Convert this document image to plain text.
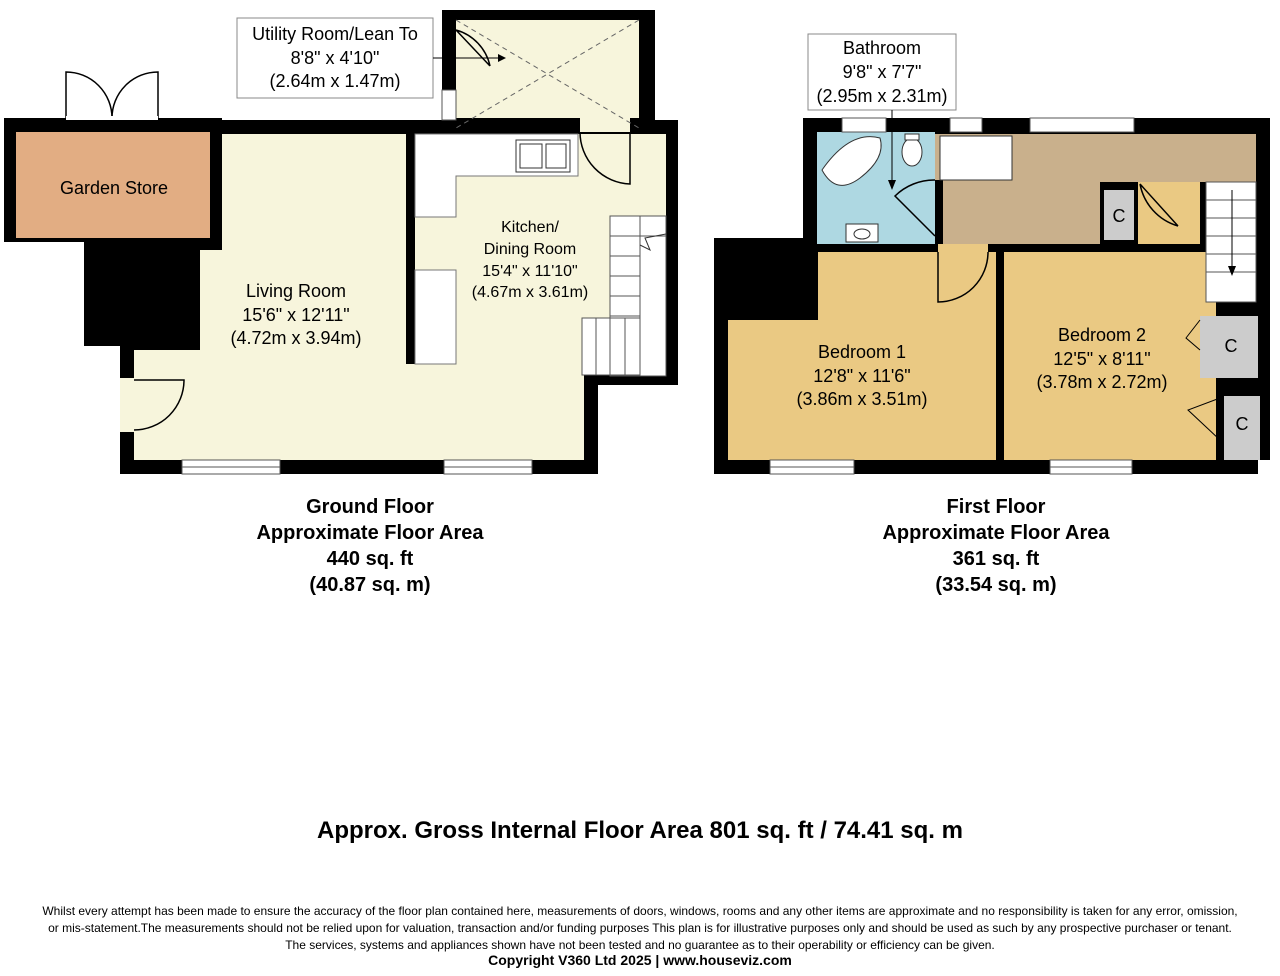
Garden Store
Living Room
15'6" x 12'11"
(4.72m x 3.94m)
Kitchen/
Dining Room
15'4" x 11'10"
(4.67m x 3.61m)
Utility Room/Lean To
8'8" x 4'10"
(2.64m x 1.47m)
C
C
C
Bathroom
9'8" x 7'7"
(2.95m x 2.31m)
Bedroom 1
12'8" x 11'6"
(3.86m x 3.51m)
Bedroom 2
12'5" x 8'11"
(3.78m x 2.72m)
Ground Floor
Approximate Floor Area
440 sq. ft
(40.87 sq. m)
First Floor
Approximate Floor Area
361 sq. ft
(33.54 sq. m)
Approx. Gross Internal Floor Area 801 sq. ft / 74.41 sq. m
Whilst every attempt has been made to ensure the accuracy of the floor plan contained here, measurements of doors, windows, rooms and any other items are approximate and no responsibility is taken for any error, omission,
or mis-statement.The measurements should not be relied upon for valuation, transaction and/or funding purposes This plan is for illustrative purposes only and should be used as such by any prospective purchaser or tenant.
The services, systems and appliances shown have not been tested and no guarantee as to their operability or efficiency can be given.
Copyright V360 Ltd 2025 | www.houseviz.com
